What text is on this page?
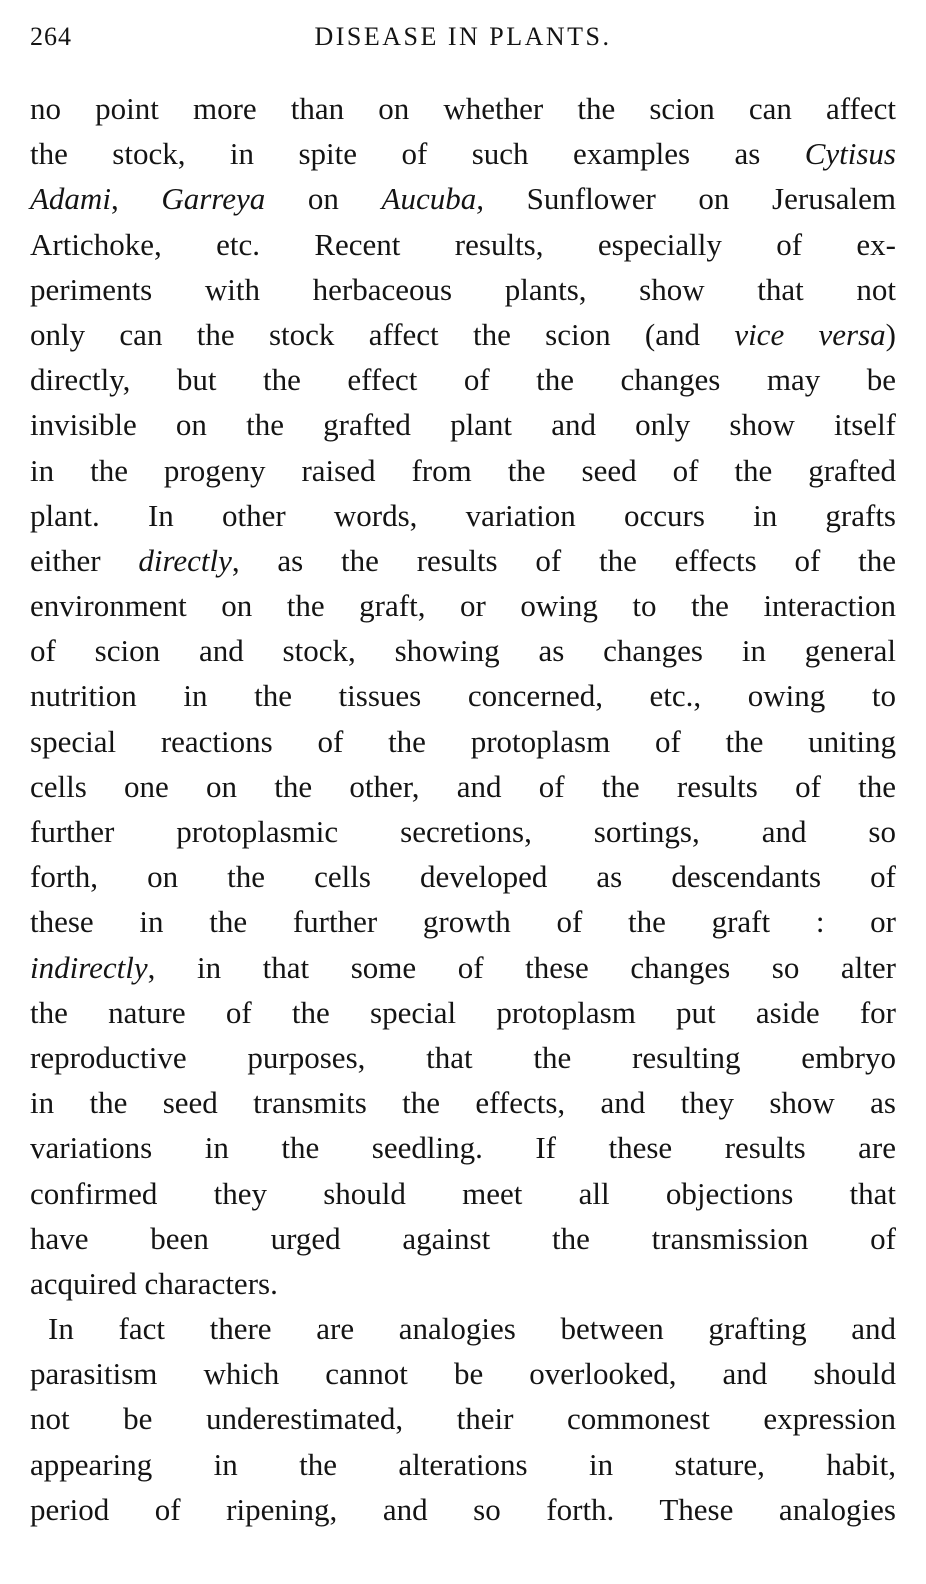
264	DISEASE IN PLANTS.
no point more than on whether the scion can affect
the stock, in spite of such examples as Cytisus
Adami, Garreya on Aucuba, Sunflower on Jerusalem
Artichoke, etc. Recent results, especially of ex-
periments with herbaceous plants, show that not
only can the stock affect the scion (and vice versa)
directly, but the effect of the changes may be
invisible on the grafted plant and only show itself
in the progeny raised from the seed of the grafted
plant. In other words, variation occurs in grafts
either directly, as the results of the effects of the
environment on the graft, or owing to the interaction
of scion and stock, showing as changes in general
nutrition in the tissues concerned, etc., owing to
special reactions of the protoplasm of the uniting
cells one on the other, and of the results of the
further protoplasmic secretions, sortings, and so
forth, on the cells developed as descendants of
these in the further growth of the graft : or
indirectly, in that some of these changes so alter
the nature of the special protoplasm put aside for
reproductive purposes, that the resulting embryo
in the seed transmits the effects, and they show as
variations in the seedling. If these results are
confirmed they should meet all objections that
have been urged against the transmission of
acquired characters.
In fact there are analogies between grafting and
parasitism which cannot be overlooked, and should
not be underestimated, their commonest expression
appearing in the alterations in stature, habit,
period of ripening, and so forth. These analogies
